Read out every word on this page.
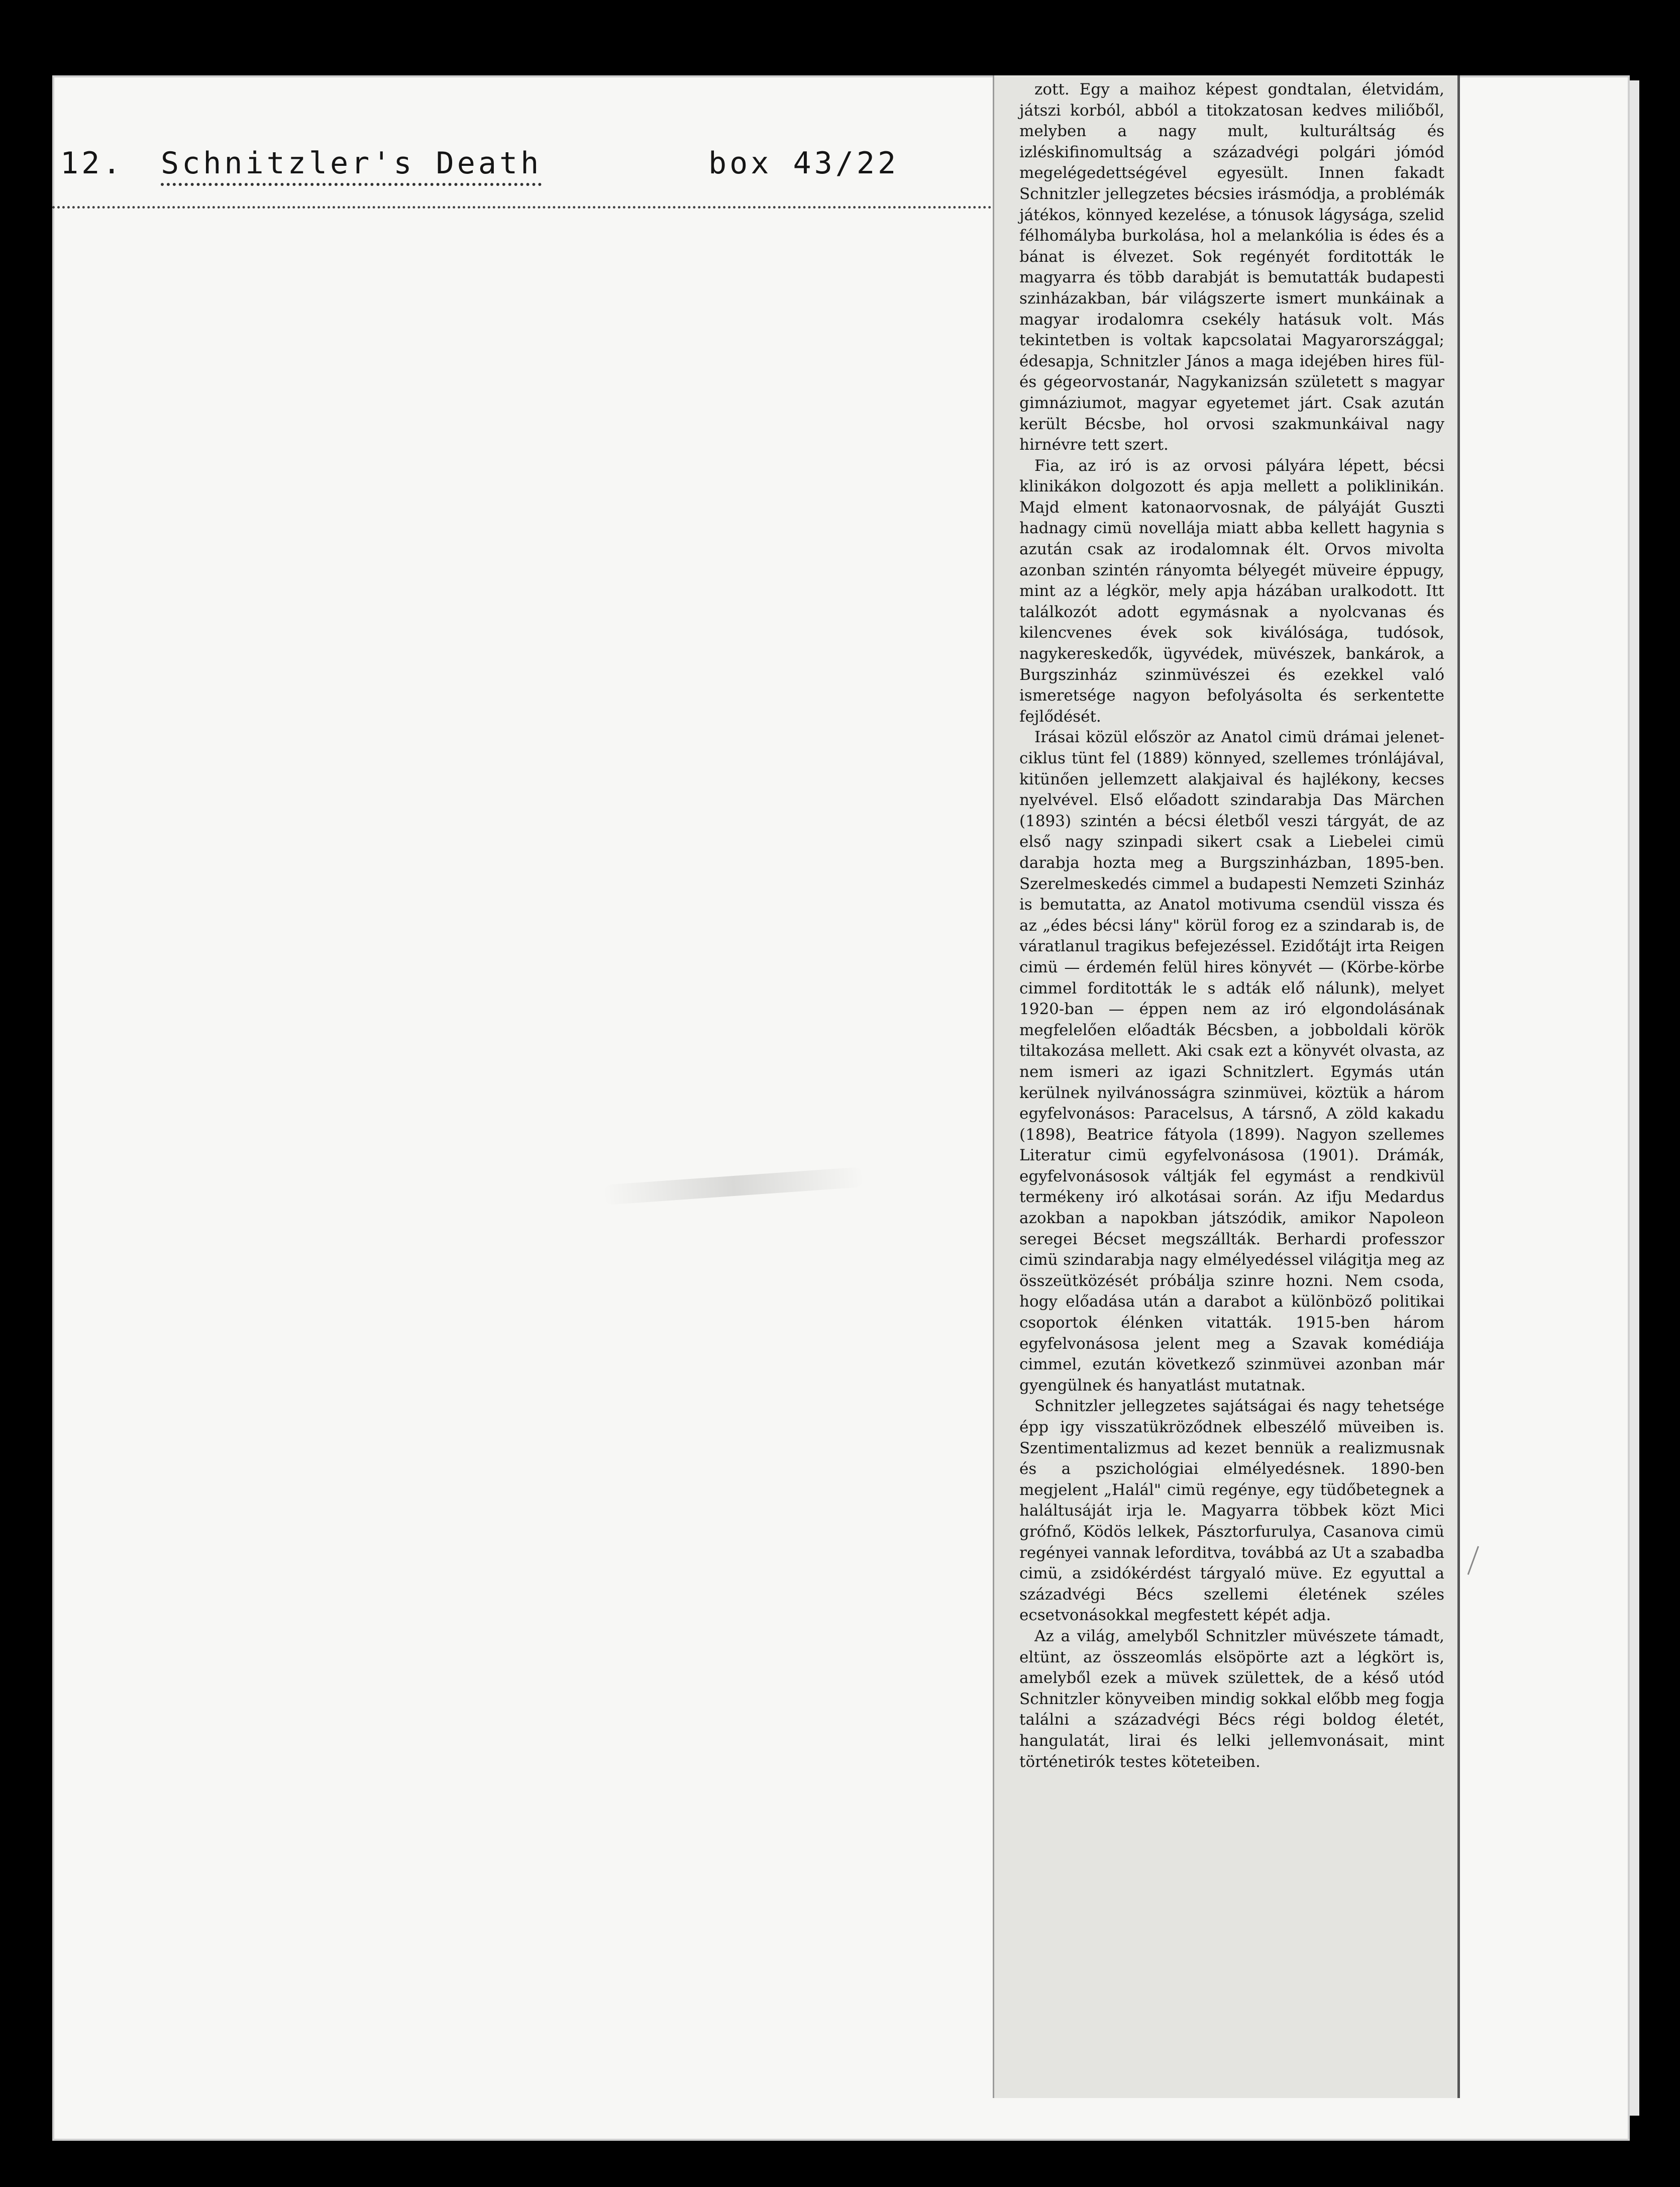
12. Schnitzler's Death	box 43/22

zott. Egy a maihoz képest gondtalan, életvidám, játszi korból, abból a titokzatosan kedves miliőből, melyben a nagy mult, kulturáltság és izléskifinomultság a századvégi polgári jómód megelégedettségével egyesült. Innen fakadt Schnitzler jellegzetes bécsies irásmódja, a problémák játékos, könnyed kezelése, a tónusok lágysága, szelid félhomályba burkolása, hol a melankólia is édes és a bánat is élvezet. Sok regényét forditották le magyarra és több darabját is bemutatták budapesti szinházakban, bár világszerte ismert munkáinak a magyar irodalomra csekély hatásuk volt. Más tekintetben is voltak kapcsolatai Magyarországgal; édesapja, Schnitzler János a maga idejében hires fül- és gégeorvostanár, Nagykanizsán született s magyar gimnáziumot, magyar egyetemet járt. Csak azután került Bécsbe, hol orvosi szakmunkáival nagy hirnévre tett szert.

Fia, az iró is az orvosi pályára lépett, bécsi klinikákon dolgozott és apja mellett a poliklinikán. Majd elment katonaorvosnak, de pályáját Guszti hadnagy cimü novellája miatt abba kellett hagynia s azután csak az irodalomnak élt. Orvos mivolta azonban szintén rányomta bélyegét müveire éppugy, mint az a légkör, mely apja házában uralkodott. Itt találkozót adott egymásnak a nyolcvanas és kilencvenes évek sok kiválósága, tudósok, nagykereskedők, ügyvédek, müvészek, bankárok, a Burgszinház szinmüvészei és ezekkel való ismeretsége nagyon befolyásolta és serkentette fejlődését.

Irásai közül először az Anatol cimü drámai jelenet-ciklus tünt fel (1889) könnyed, szellemes trónlájával, kitünően jellemzett alakjaival és hajlékony, kecses nyelvével. Első előadott szindarabja Das Märchen (1893) szintén a bécsi életből veszi tárgyát, de az első nagy szinpadi sikert csak a Liebelei cimü darabja hozta meg a Burgszinházban, 1895-ben. Szerelmeskedés cimmel a budapesti Nemzeti Szinház is bemutatta, az Anatol motivuma csendül vissza és az „édes bécsi lány" körül forog ez a szindarab is, de váratlanul tragikus befejezéssel. Ezidőtájt irta Reigen cimü — érdemén felül hires könyvét — (Körbe-körbe cimmel forditották le s adták elő nálunk), melyet 1920-ban — éppen nem az iró elgondolásának megfelelően előadták Bécsben, a jobboldali körök tiltakozása mellett. Aki csak ezt a könyvét olvasta, az nem ismeri az igazi Schnitzlert. Egymás után kerülnek nyilvánosságra szinmüvei, köztük a három egyfelvonásos: Paracelsus, A társnő, A zöld kakadu (1898), Beatrice fátyola (1899). Nagyon szellemes Literatur cimü egyfelvonásosa (1901). Drámák, egyfelvonásosok váltják fel egymást a rendkivül termékeny iró alkotásai során. Az ifju Medardus azokban a napokban játszódik, amikor Napoleon seregei Bécset megszállták. Berhardi professzor cimü szindarabja nagy elmélyedéssel világitja meg az összeütközését próbálja szinre hozni. Nem csoda, hogy előadása után a darabot a különböző politikai csoportok élénken vitatták. 1915-ben három egyfelvonásosa jelent meg a Szavak komédiája cimmel, ezután következő szinmüvei azonban már gyengülnek és hanyatlást mutatnak.

Schnitzler jellegzetes sajátságai és nagy tehetsége épp igy visszatükröződnek elbeszélő müveiben is. Szentimentalizmus ad kezet bennük a realizmusnak és a pszichológiai elmélyedésnek. 1890-ben megjelent „Halál" cimü regénye, egy tüdőbetegnek a haláltusáját irja le. Magyarra többek közt Mici grófnő, Ködös lelkek, Pásztorfurulya, Casanova cimü regényei vannak leforditva, továbbá az Ut a szabadba cimü, a zsidókérdést tárgyaló müve. Ez egyuttal a századvégi Bécs szellemi életének széles ecsetvonásokkal megfestett képét adja.

Az a világ, amelyből Schnitzler müvészete támadt, eltünt, az összeomlás elsöpörte azt a légkört is, amelyből ezek a müvek születtek, de a késő utód Schnitzler könyveiben mindig sokkal előbb meg fogja találni a századvégi Bécs régi boldog életét, hangulatát, lirai és lelki jellemvonásait, mint történetirók testes köteteiben.
